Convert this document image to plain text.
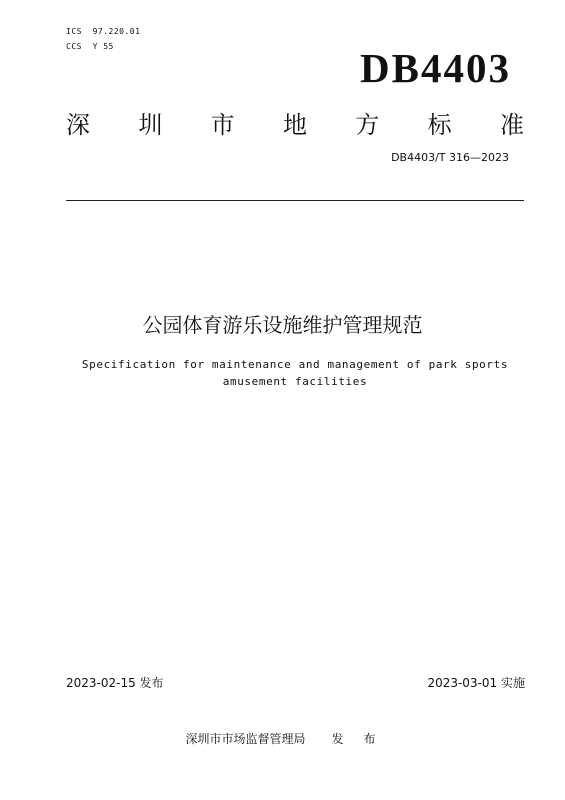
ICS  97.220.01
CCS  Y 55	DB4403
深 圳 市 地 方 标 准
DB4403/T 316—2023
公园体育游乐设施维护管理规范
Specification for maintenance and management of park sports amusement facilities
2023-02-15 发布	2023-03-01 实施
深圳市市场监督管理局 发 布
